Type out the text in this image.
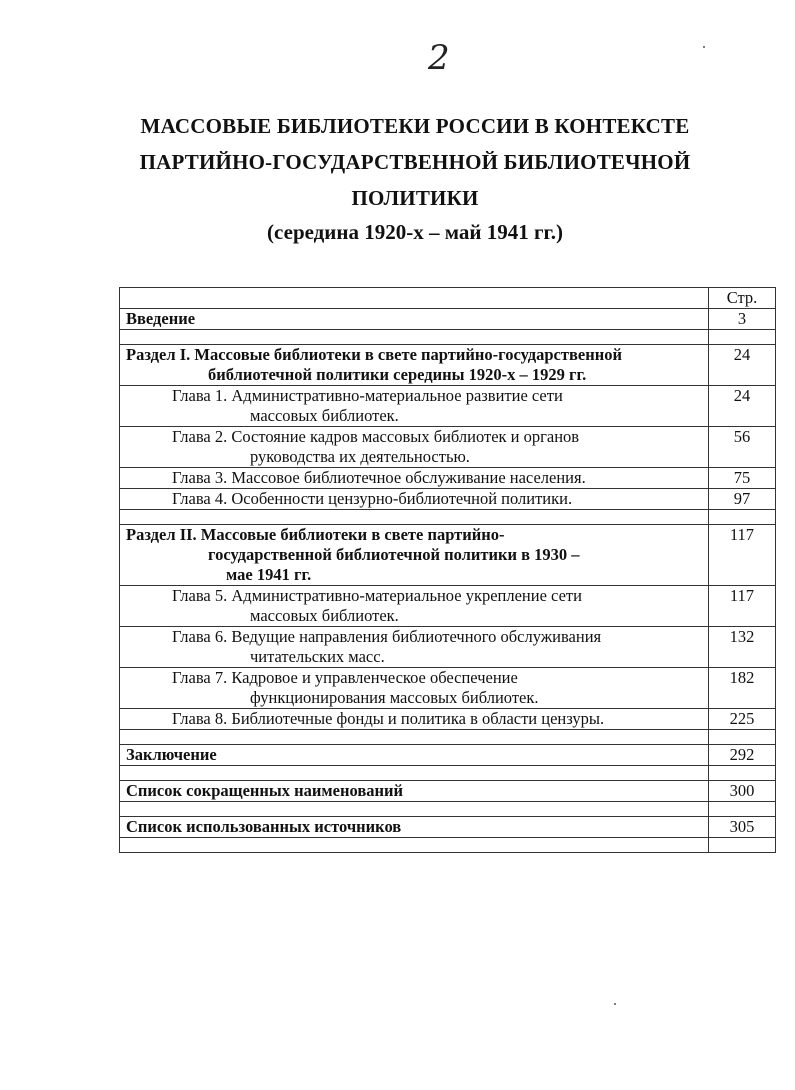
2
МАССОВЫЕ БИБЛИОТЕКИ РОССИИ В КОНТЕКСТЕ
ПАРТИЙНО-ГОСУДАРСТВЕННОЙ БИБЛИОТЕЧНОЙ
ПОЛИТИКИ
(середина 1920-х – май 1941 гг.)
	Стр.
Введение	3

Раздел I. Массовые библиотеки в свете партийно-государственной
библиотечной политики середины 1920-х – 1929 гг.	24

Глава 1. Административно-материальное развитие сети
массовых библиотек.	24

Глава 2. Состояние кадров массовых библиотек и органов
руководства их деятельностью.	56

Глава 3. Массовое библиотечное обслуживание населения.	75

Глава 4. Особенности цензурно-библиотечной политики.	97

Раздел II. Массовые библиотеки в свете партийно-
государственной библиотечной политики в 1930 –
мае 1941 гг.	117

Глава 5. Административно-материальное укрепление сети
массовых библиотек.	117

Глава 6. Ведущие направления библиотечного обслуживания
читательских масс.	132

Глава 7. Кадровое и управленческое обеспечение
функционирования массовых библиотек.	182

Глава 8. Библиотечные фонды и политика в области цензуры.	225

Заключение	292

Список сокращенных наименований	300

Список использованных источников	305
